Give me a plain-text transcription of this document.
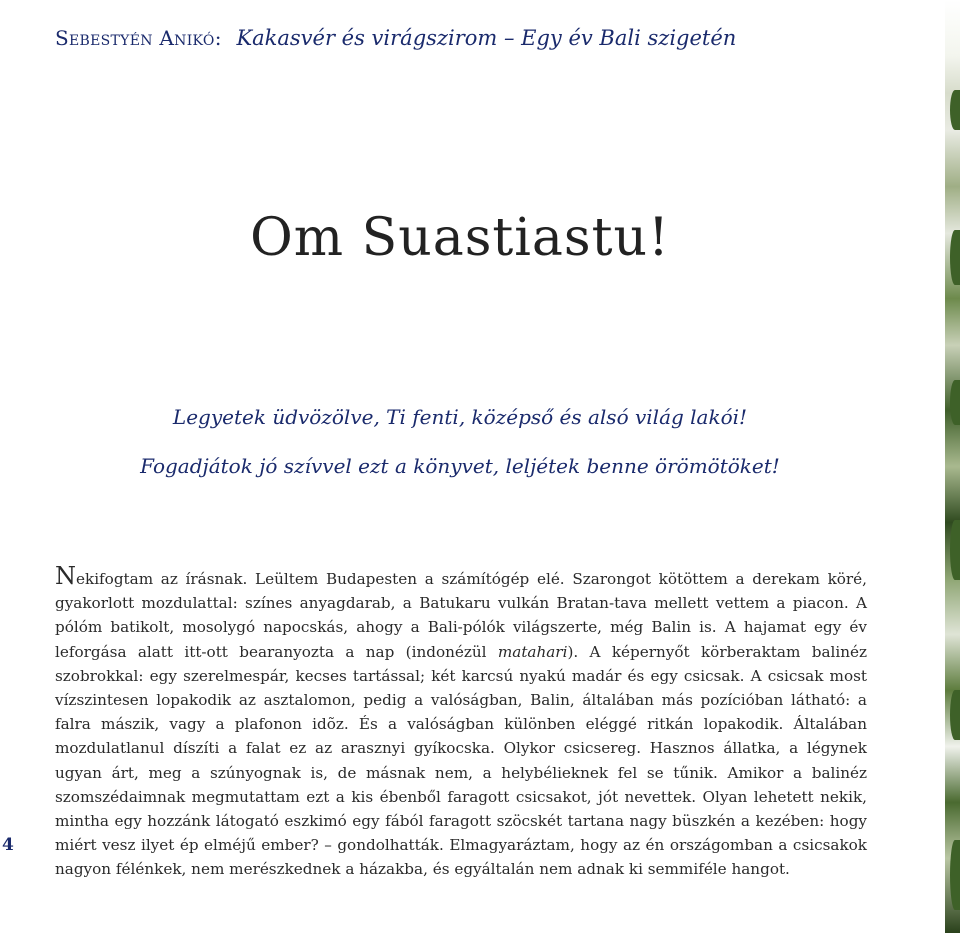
Sebestyén Anikó: Kakasvér és virágszirom – Egy év Bali szigetén
Om Suastiastu!
Legyetek üdvözölve, Ti fenti, középső és alsó világ lakói!
Fogadjátok jó szívvel ezt a könyvet, leljétek benne örömötöket!
Nekifogtam az írásnak. Leültem Budapesten a számítógép elé. Szarongot kötöttem a derekam köré, gyakorlott mozdulattal: színes anyagdarab, a Batukaru vulkán Bratan-tava mellett vettem a piacon. A pólóm batikolt, mosolygó napocskás, ahogy a Bali-pólók világszerte, még Balin is. A hajamat egy év leforgása alatt itt-ott bearanyozta a nap (indonézül matahari). A képernyőt körberaktam balinéz szobrokkal: egy szerelmespár, kecses tartással; két karcsú nyakú madár és egy csicsak. A csicsak most vízszintesen lopakodik az asztalomon, pedig a valóságban, Balin, általában más pozícióban látható: a falra mászik, vagy a plafonon idõz. És a valóságban különben eléggé ritkán lopakodik. Általában mozdulatlanul díszíti a falat ez az arasznyi gyíkocska. Olykor csicsereg. Hasznos állatka, a légynek ugyan árt, meg a szúnyognak is, de másnak nem, a helybélieknek fel se tűnik. Amikor a balinéz szomszédaimnak megmutattam ezt a kis ébenből faragott csicsakot, jót nevettek. Olyan lehetett nekik, mintha egy hozzánk látogató eszkimó egy fából faragott szöcskét tartana nagy büszkén a kezében: hogy miért vesz ilyet ép elméjű ember? – gondolhatták. Elmagyaráztam, hogy az én országomban a csicsakok nagyon félénkek, nem merészkednek a házakba, és egyáltalán nem adnak ki semmiféle hangot.
4
